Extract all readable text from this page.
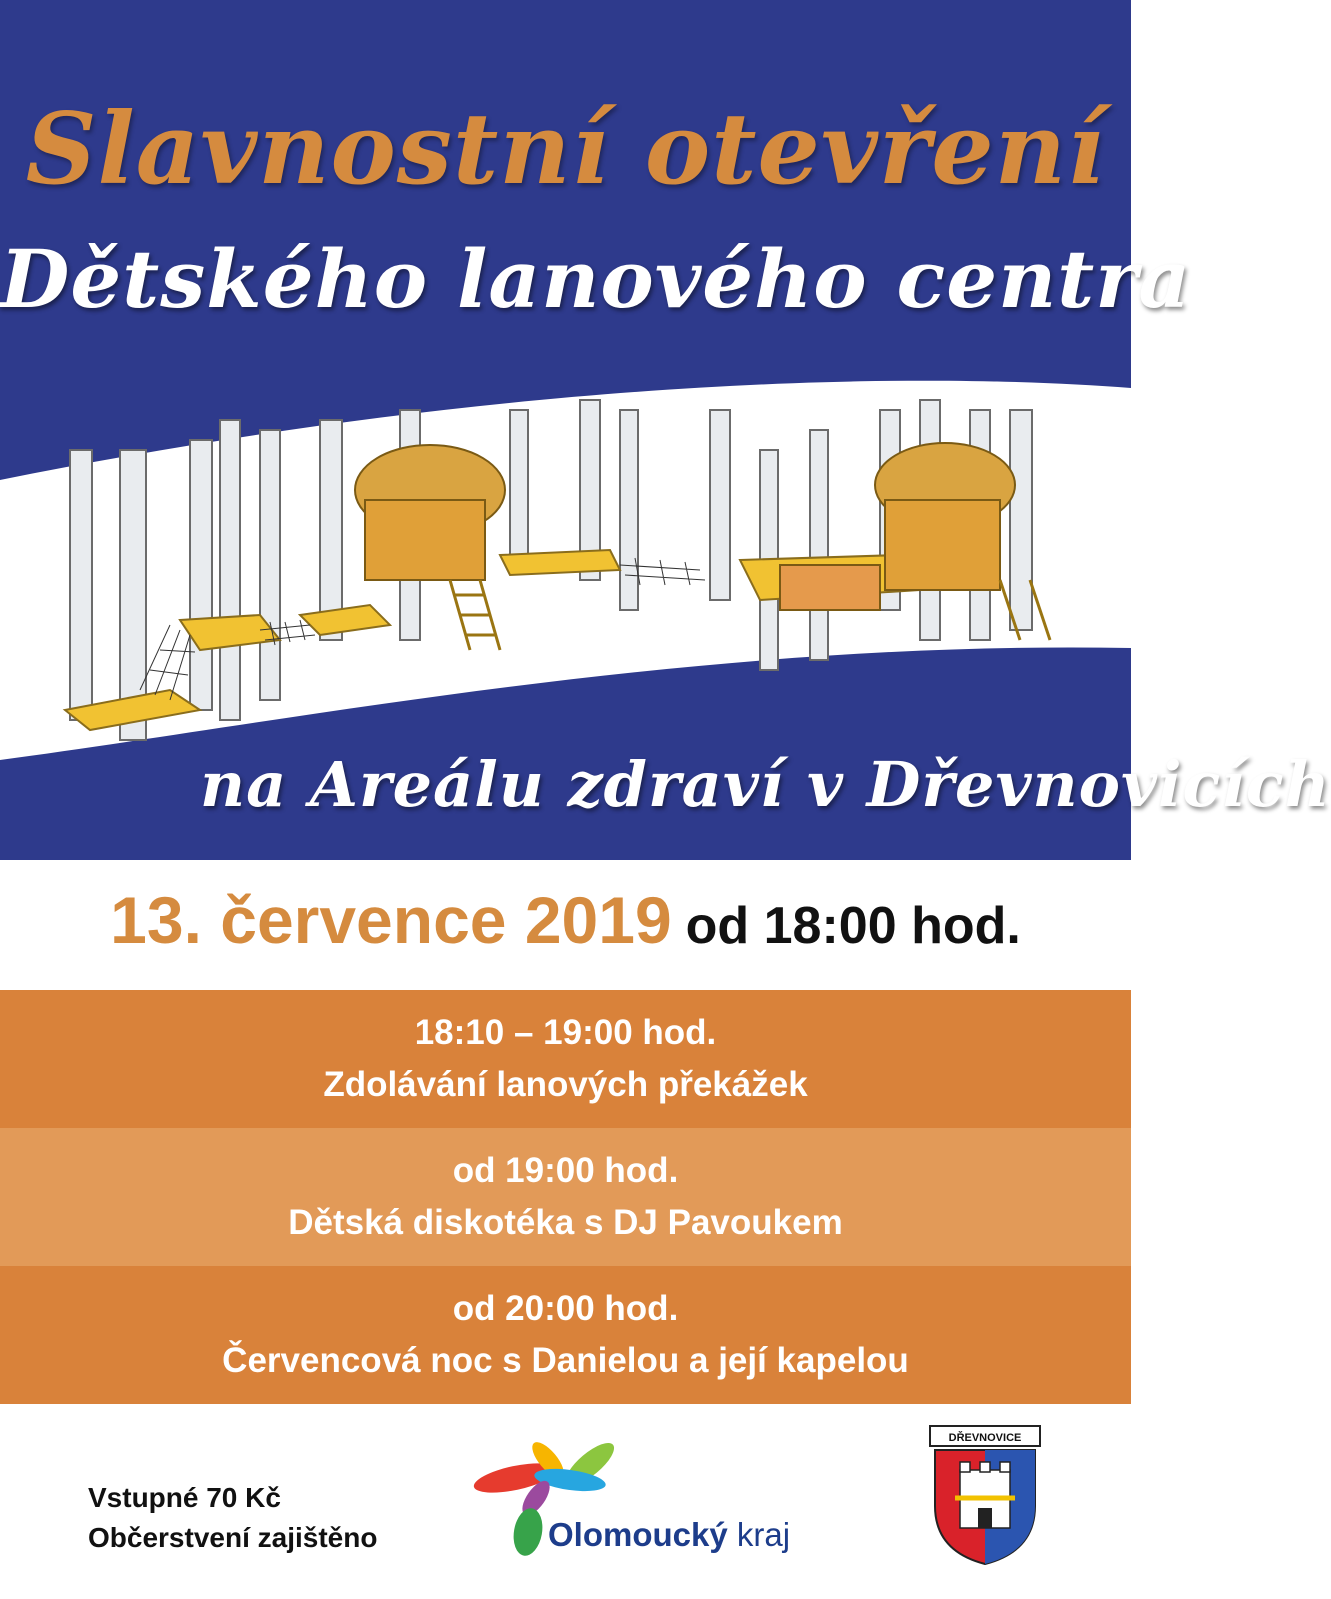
Slavnostní otevření
Dětského lanového centra
na Areálu zdraví v Dřevnovicích
13. července 2019 od 18:00 hod.
18:10 – 19:00 hod.
Zdolávání lanových překážek
od 19:00 hod.
Dětská diskotéka s DJ Pavoukem
od 20:00 hod.
Červencová noc s Danielou a její kapelou
Vstupné 70 Kč
Občerstvení zajištěno	Olomoucký kraj
DŘEVNOVICE
